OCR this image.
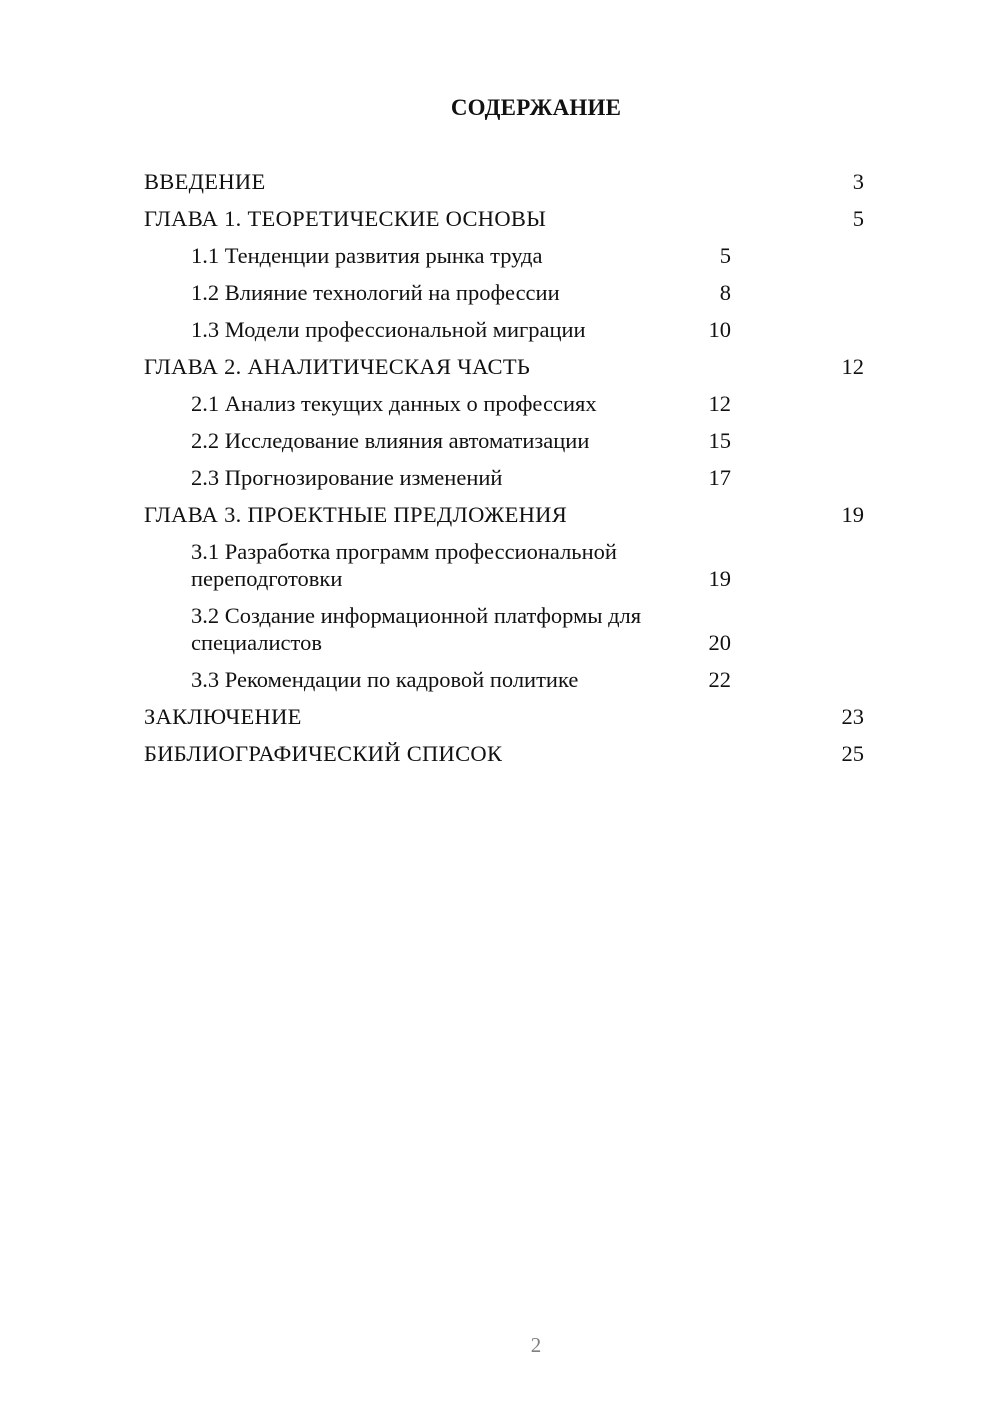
СОДЕРЖАНИЕ
ВВЕДЕНИЕ	3
ГЛАВА 1. ТЕОРЕТИЧЕСКИЕ ОСНОВЫ	5
1.1 Тенденции развития рынка труда	5
1.2 Влияние технологий на профессии	8
1.3 Модели профессиональной миграции	10
ГЛАВА 2. АНАЛИТИЧЕСКАЯ ЧАСТЬ	12
2.1 Анализ текущих данных о профессиях	12
2.2 Исследование влияния автоматизации	15
2.3 Прогнозирование изменений	17
ГЛАВА 3. ПРОЕКТНЫЕ ПРЕДЛОЖЕНИЯ	19
3.1 Разработка программ профессиональной переподготовки	19
3.2 Создание информационной платформы для специалистов	20
3.3 Рекомендации по кадровой политике	22
ЗАКЛЮЧЕНИЕ	23
БИБЛИОГРАФИЧЕСКИЙ СПИСОК	25
2
